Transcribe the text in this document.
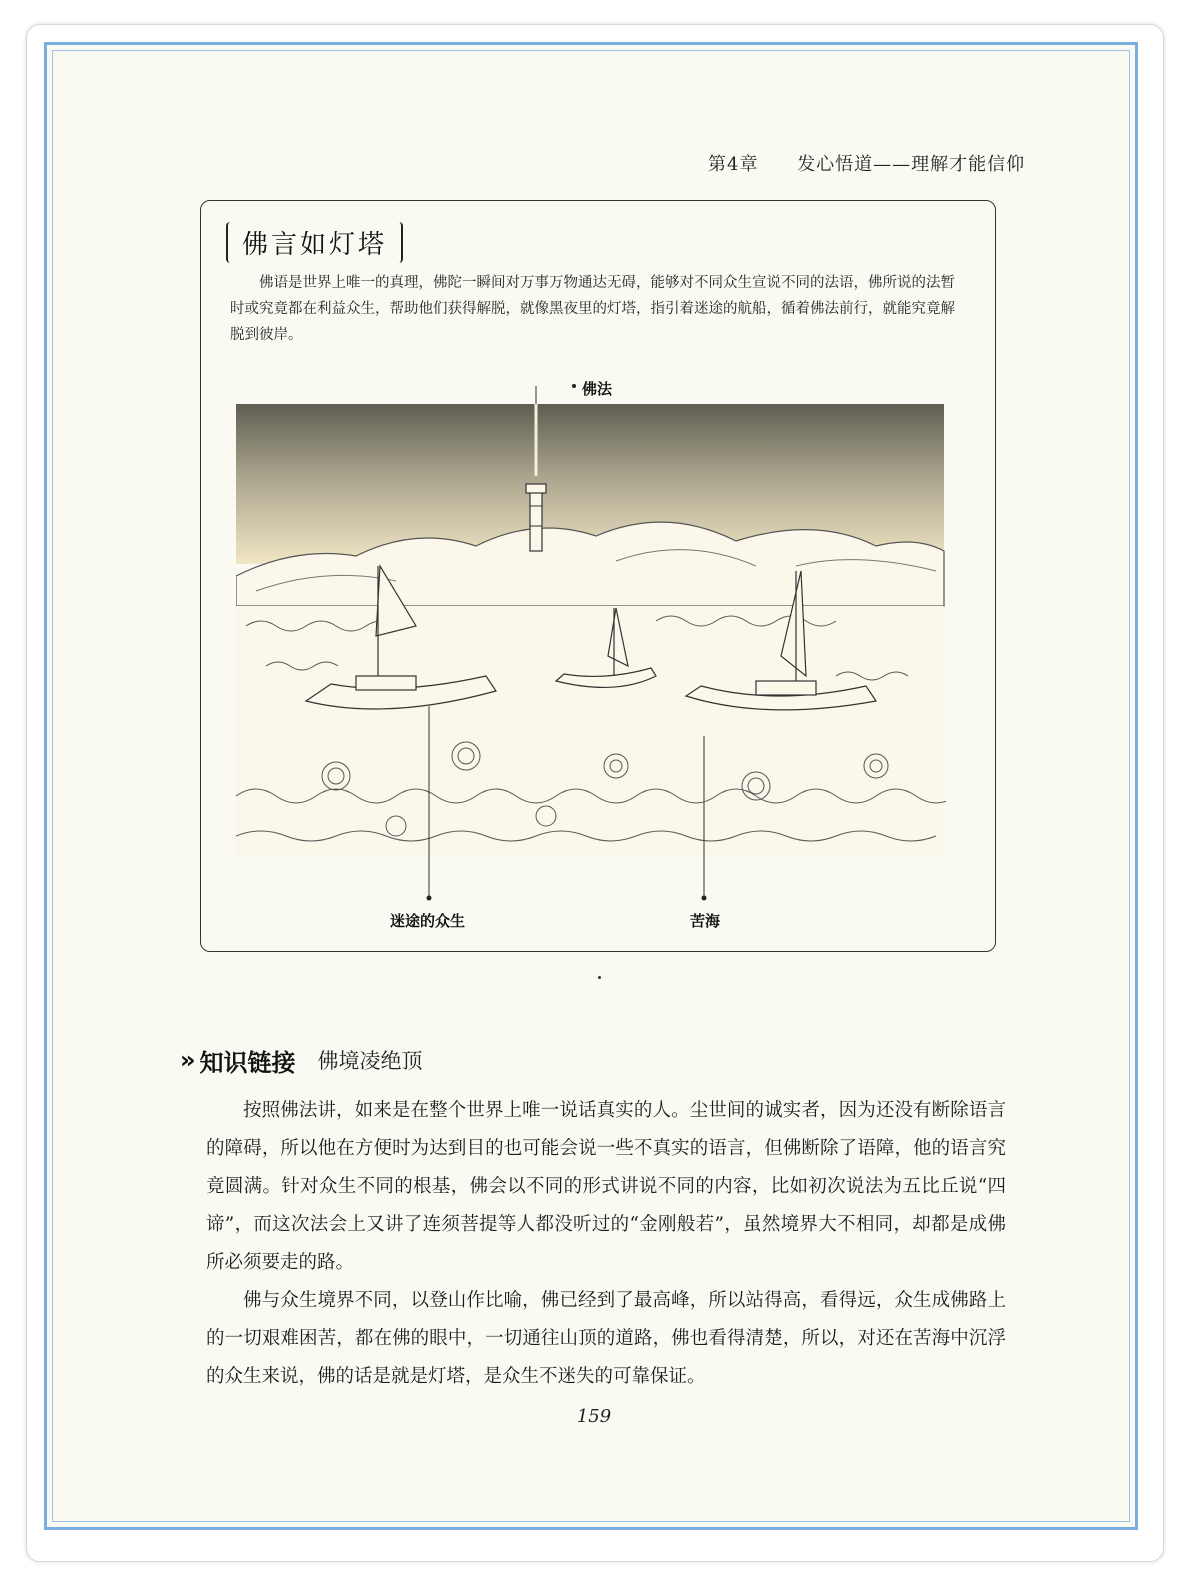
第4章 发心悟道——理解才能信仰
佛言如灯塔
佛语是世界上唯一的真理，佛陀一瞬间对万事万物通达无碍，能够对不同众生宣说不同的法语，佛所说的法暂时或究竟都在利益众生，帮助他们获得解脱，就像黑夜里的灯塔，指引着迷途的航船，循着佛法前行，就能究竟解脱到彼岸。
佛法
迷途的众生	苦海
» 知识链接 佛境凌绝顶

按照佛法讲，如来是在整个世界上唯一说话真实的人。尘世间的诚实者，因为还没有断除语言的障碍，所以他在方便时为达到目的也可能会说一些不真实的语言，但佛断除了语障，他的语言究竟圆满。针对众生不同的根基，佛会以不同的形式讲说不同的内容，比如初次说法为五比丘说“四谛”，而这次法会上又讲了连须菩提等人都没听过的“金刚般若”，虽然境界大不相同，却都是成佛所必须要走的路。

佛与众生境界不同，以登山作比喻，佛已经到了最高峰，所以站得高，看得远，众生成佛路上的一切艰难困苦，都在佛的眼中，一切通往山顶的道路，佛也看得清楚，所以，对还在苦海中沉浮的众生来说，佛的话是就是灯塔，是众生不迷失的可靠保证。

159
